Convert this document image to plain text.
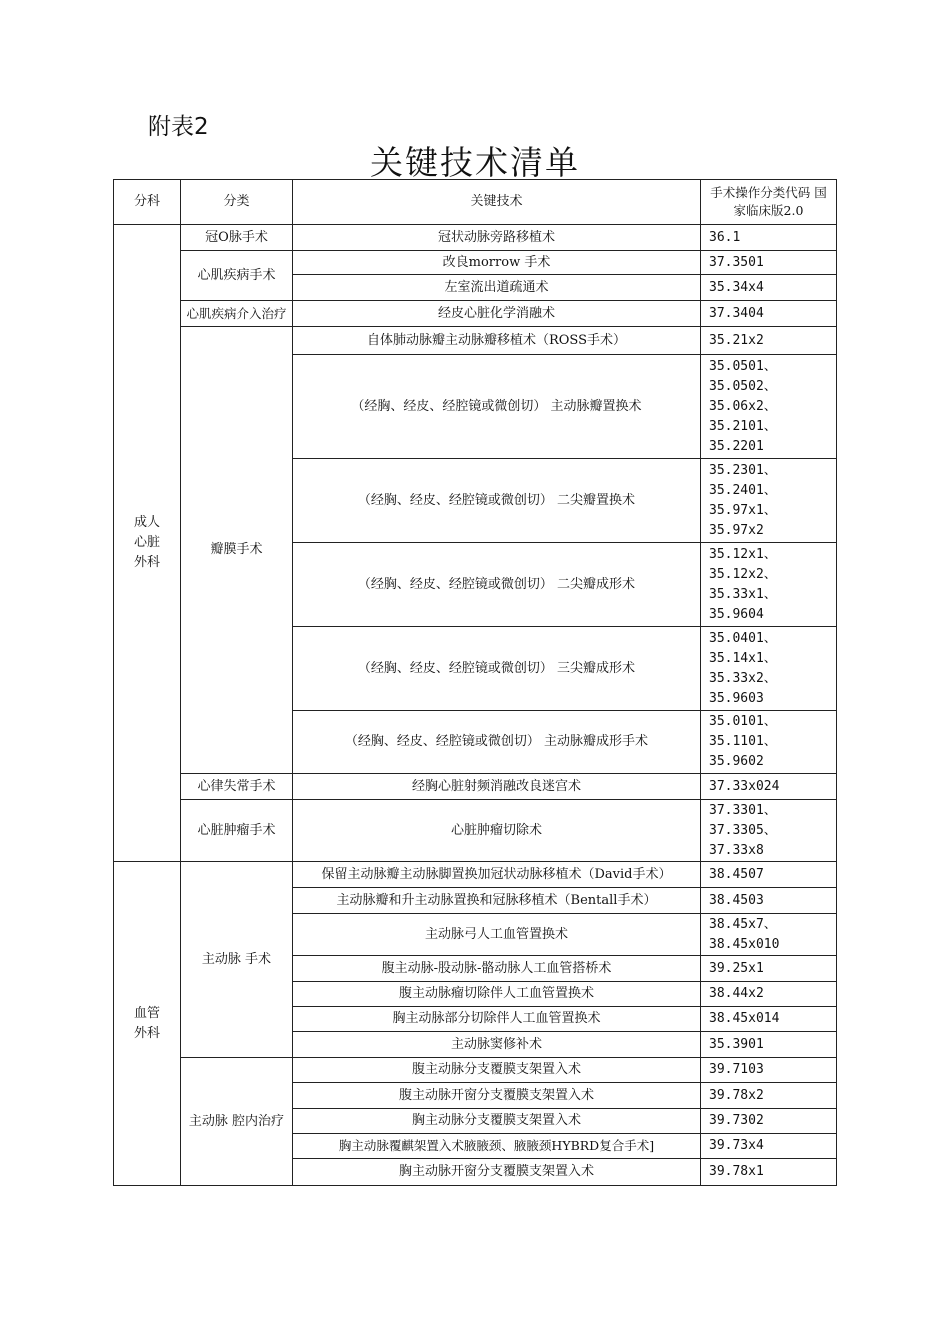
附表2
关键技术清单
分科	分类	关键技术	手术操作分类代码 国家临床版2.0
成人
心脏
外科	冠O脉手术	冠状动脉旁路移植术	36.1
	心肌疾病手术	改良morrow 手术	37.3501
		左室流出道疏通术	35.34x4
	心肌疾病介入治疗	经皮心脏化学消融术	37.3404
	瓣膜手术	自体肺动脉瓣主动脉瓣移植术（ROSS手术）	35.21x2
		（经胸、经皮、经腔镜或微创切） 主动脉瓣置换术	35.0501、
35.0502、
35.06x2、
35.2101、
35.2201
		（经胸、经皮、经腔镜或微创切） 二尖瓣置换术	35.2301、
35.2401、
35.97x1、
35.97x2
		（经胸、经皮、经腔镜或微创切） 二尖瓣成形术	35.12x1、
35.12x2、
35.33x1、
35.9604
		（经胸、经皮、经腔镜或微创切） 三尖瓣成形术	35.0401、
35.14x1、
35.33x2、
35.9603
		（经胸、经皮、经腔镜或微创切） 主动脉瓣成形手术	35.0101、
35.1101、
35.9602
	心律失常手术	经胸心脏射频消融改良迷宫术	37.33x024
	心脏肿瘤手术	心脏肿瘤切除术	37.3301、
37.3305、
37.33x8
血管
外科	主动脉 手术	保留主动脉瓣主动脉脚置换加冠状动脉移植术（David手术）	38.4507
		主动脉瓣和升主动脉置换和冠脉移植术（Bentall手术）	38.4503
		主动脉弓人工血管置换术	38.45x7、
38.45x010
		腹主动脉-股动脉-骼动脉人工血管搭桥术	39.25x1
		腹主动脉瘤切除伴人工血管置换术	38.44x2
		胸主动脉部分切除伴人工血管置换术	38.45x014
		主动脉窦修补术	35.3901
	主动脉 腔内治疗	腹主动脉分支覆膜支架置入术	39.7103
		腹主动脉开窗分支覆膜支架置入术	39.78x2
		胸主动脉分支覆膜支架置入术	39.7302
		胸主动脉覆麒架置入术腋腋颈、腋腋颈HYBRD复合手术]	39.73x4
		胸主动脉开窗分支覆膜支架置入术	39.78x1
